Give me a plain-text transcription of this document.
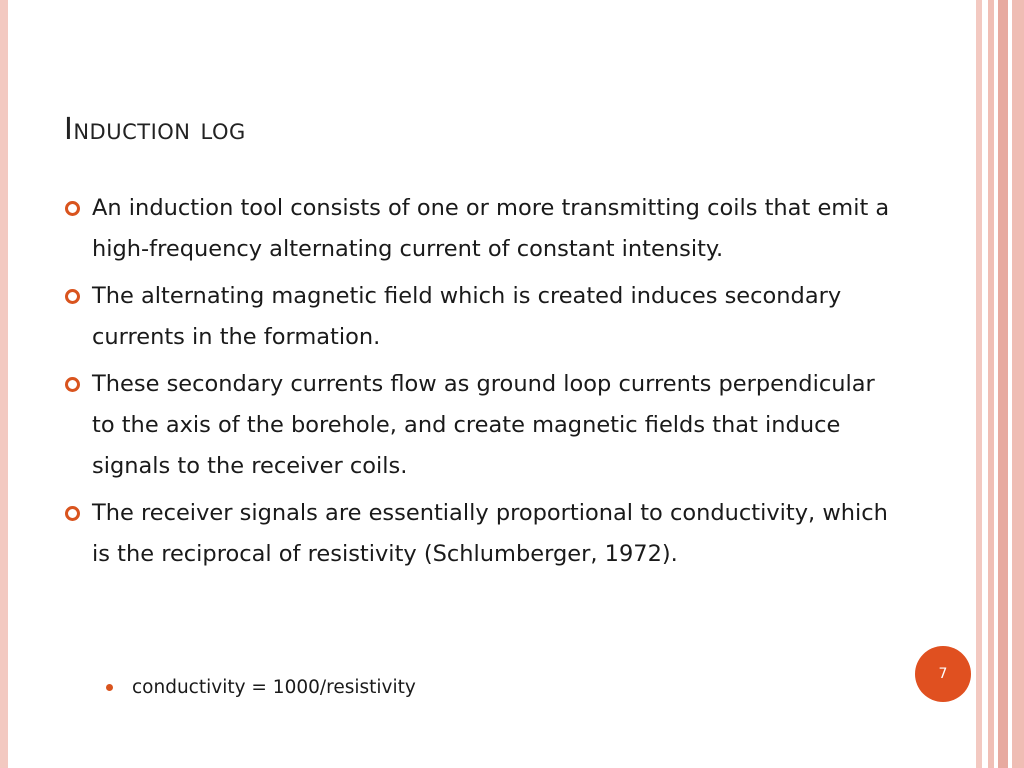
Induction log
An induction tool consists of one or more transmitting coils that emit a high-frequency alternating current of constant intensity.
The alternating magnetic field which is created induces secondary currents in the formation.
These secondary currents flow as ground loop currents perpendicular to the axis of the borehole, and create magnetic fields that induce signals to the receiver coils.
The receiver signals are essentially proportional to conductivity, which is the reciprocal of resistivity (Schlumberger, 1972).
conductivity = 1000/resistivity
7
